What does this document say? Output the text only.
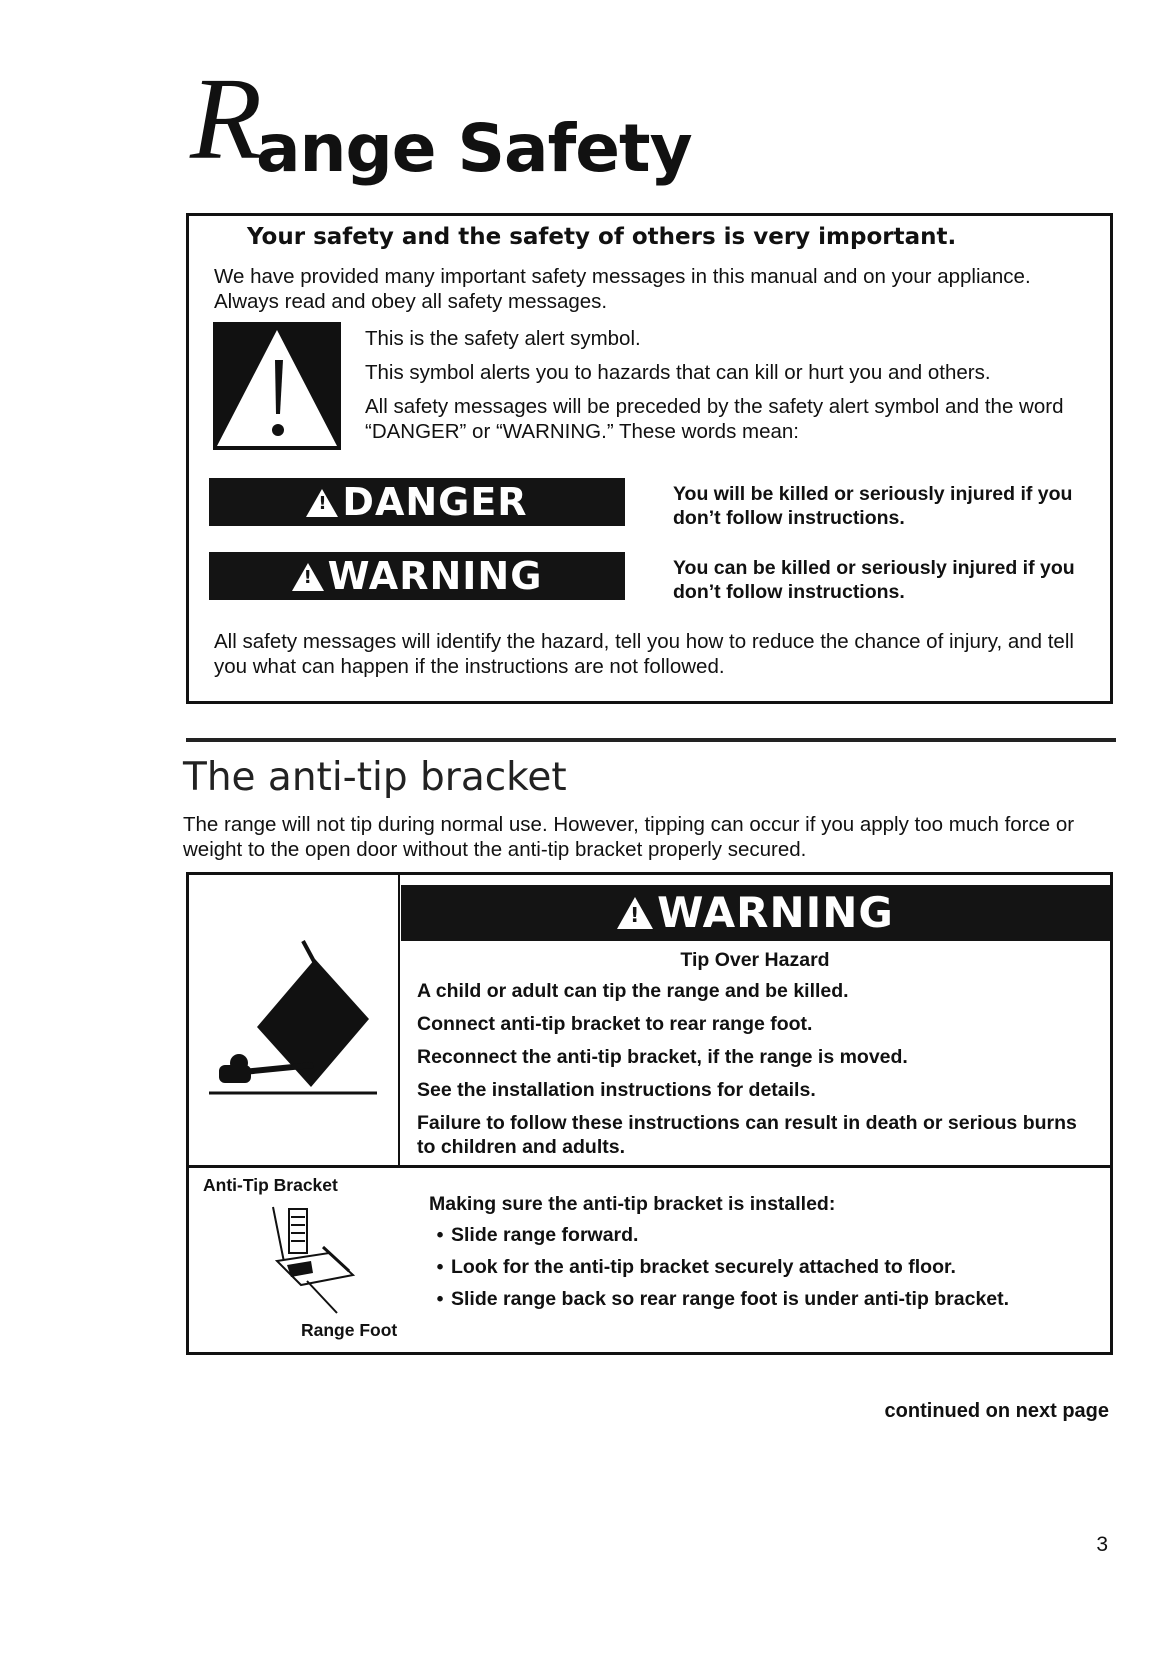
R
ange Safety
Your safety and the safety of others is very important.
We have provided many important safety messages in this manual and on your appliance. Always read and obey all safety messages.
This is the safety alert symbol.
This symbol alerts you to hazards that can kill or hurt you and others.
All safety messages will be preceded by the safety alert symbol and the word “DANGER” or “WARNING.” These words mean:
!DANGER	You will be killed or seriously injured if you don’t follow instructions.
!WARNING	You can be killed or seriously injured if you don’t follow instructions.
All safety messages will identify the hazard, tell you how to reduce the chance of injury, and tell you what can happen if the instructions are not followed.
The anti-tip bracket
The range will not tip during normal use. However, tipping can occur if you apply too much force or weight to the open door without the anti-tip bracket properly secured.
!WARNING
Tip Over Hazard
A child or adult can tip the range and be killed.
Connect anti-tip bracket to rear range foot.
Reconnect the anti-tip bracket, if the range is moved.
See the installation instructions for details.
Failure to follow these instructions can result in death or serious burns to children and adults.
Anti-Tip Bracket
Range Foot
Making sure the anti-tip bracket is installed:
• Slide range forward.
• Look for the anti-tip bracket securely attached to floor.
• Slide range back so rear range foot is under anti-tip bracket.
continued on next page
3
